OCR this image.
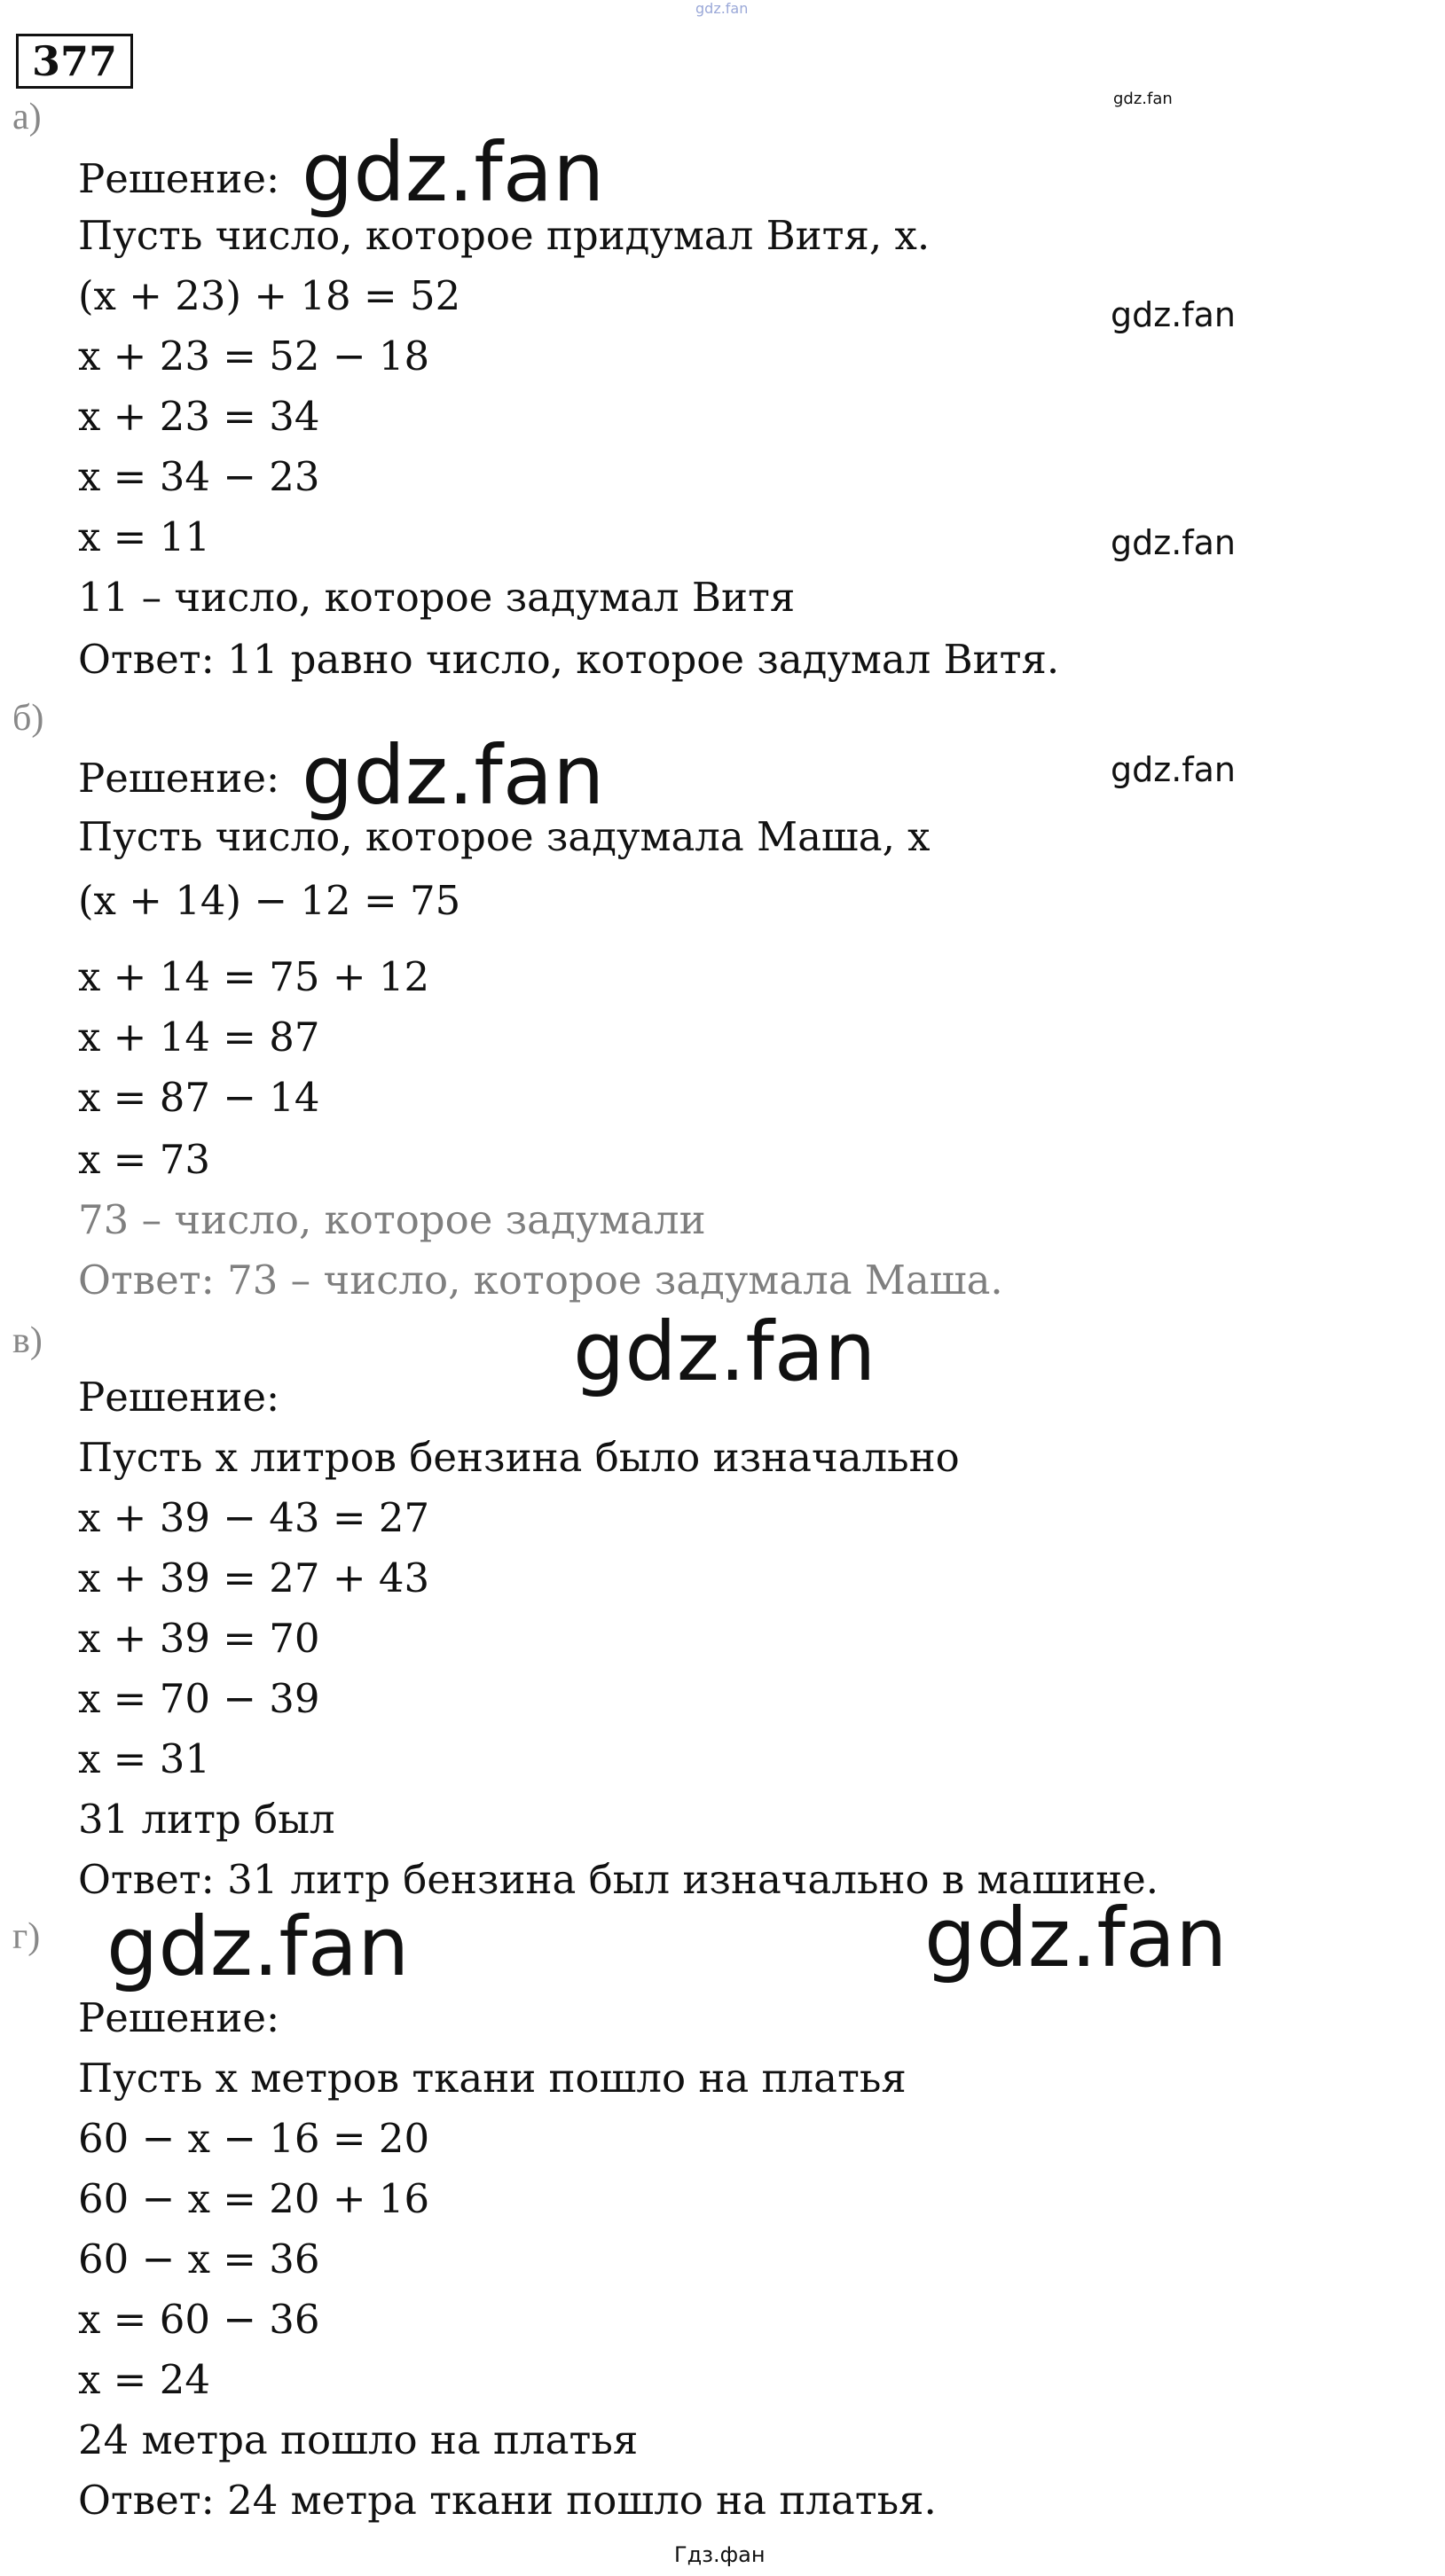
377
gdz.fan
gdz.fan
а)
Решение:
Пусть число, которое придумал Витя, x.
(x + 23) + 18 = 52
x + 23 = 52 − 18
x + 23 = 34
x = 34 − 23
x = 11
11 – число, которое задумал Витя
Ответ: 11 равно число, которое задумал Витя.
gdz.fan
gdz.fan
gdz.fan
б)
Решение:
Пусть число, которое задумала Маша, x
(x + 14) − 12 = 75
x + 14 = 75 + 12
x + 14 = 87
x = 87 − 14
x = 73
73 – число, которое задумали
Ответ: 73 – число, которое задумала Маша.
gdz.fan	gdz.fan
в)	gdz.fan
Решение:
Пусть x литров бензина было изначально
x + 39 − 43 = 27
x + 39 = 27 + 43
x + 39 = 70
x = 70 − 39
x = 31
31 литр был
Ответ: 31 литр бензина был изначально в машине.
г) gdz.fan	gdz.fan
Решение:
Пусть x метров ткани пошло на платья
60 − x − 16 = 20
60 − x = 20 + 16
60 − x = 36
x = 60 − 36
x = 24
24 метра пошло на платья
Ответ: 24 метра ткани пошло на платья.
Гдз.фан
